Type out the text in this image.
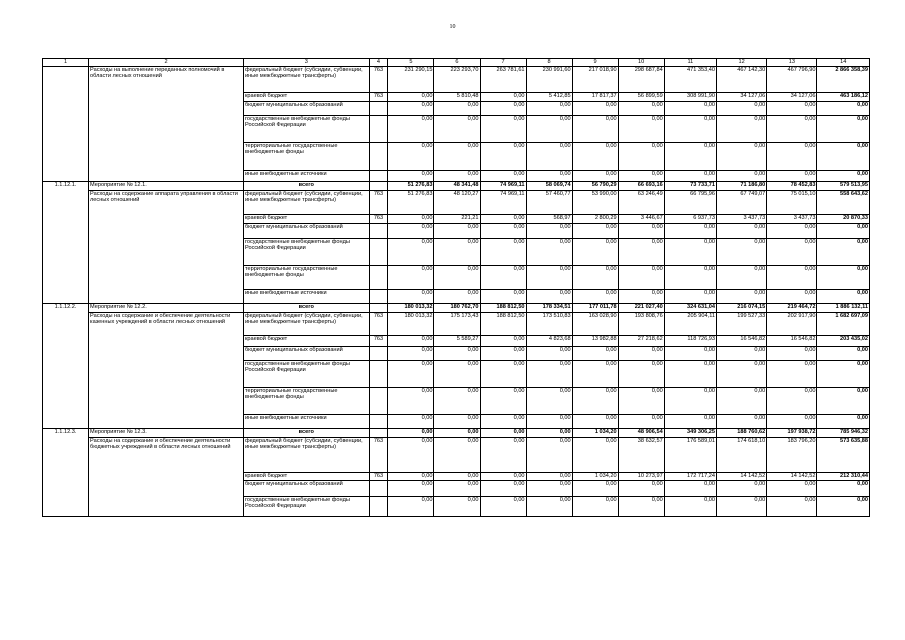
10
1	2	3	4	5	6	7	8	9	10	11	12	13	14
	Расходы на выполнение переданных полномочий в области лесных отношений	федеральный бюджет (субсидии, субвенции, иные межбюджетные трансферты)	763	231 290,15	223 293,70	263 781,61	230 991,60	217 018,90	298 687,84	471 353,40	467 142,30	467 796,90	2 866 358,39
		краевой бюджет	763	0,00	5 810,48	0,00	5 412,85	17 817,37	56 899,59	308 991,90	34 127,06	34 127,06	463 186,12
		бюджет муниципальных образований		0,00	0,00	0,00	0,00	0,00	0,00	0,00	0,00	0,00	0,00
		государственные внебюджетные фонды Российской Федерации		0,00	0,00	0,00	0,00	0,00	0,00	0,00	0,00	0,00	0,00
		территориальные государственные внебюджетные фонды		0,00	0,00	0,00	0,00	0,00	0,00	0,00	0,00	0,00	0,00
		иные внебюджетные источники		0,00	0,00	0,00	0,00	0,00	0,00	0,00	0,00	0,00	0,00
1.1.12.1.	Мероприятие № 12.1.	всего		51 276,83	48 341,48	74 969,11	58 069,74	56 790,29	66 693,16	73 733,71	71 186,80	78 452,83	579 513,95
	Расходы на содержание аппарата управления в области лесных отношений	федеральный бюджет (субсидии, субвенции, иные межбюджетные трансферты)	763	51 276,83	48 120,27	74 969,11	57 460,77	53 990,00	63 246,49	66 795,96	67 749,07	75 015,10	558 643,62
		краевой бюджет	763	0,00	221,21	0,00	568,97	2 800,29	3 446,67	6 937,73	3 437,73	3 437,73	20 870,33
		бюджет муниципальных образований		0,00	0,00	0,00	0,00	0,00	0,00	0,00	0,00	0,00	0,00
		государственные внебюджетные фонды Российской Федерации		0,00	0,00	0,00	0,00	0,00	0,00	0,00	0,00	0,00	0,00
		территориальные государственные внебюджетные фонды		0,00	0,00	0,00	0,00	0,00	0,00	0,00	0,00	0,00	0,00
		иные внебюджетные источники		0,00	0,00	0,00	0,00	0,00	0,00	0,00	0,00	0,00	0,00
1.1.12.2.	Мероприятие № 12.2.	всего		180 013,32	180 762,70	188 812,50	178 334,51	177 011,78	221 027,40	324 631,04	216 074,15	219 464,72	1 886 132,11
	Расходы на содержание и обеспечение деятельности казенных учреждений в области лесных отношений	федеральный бюджет (субсидии, субвенции, иные межбюджетные трансферты)	763	180 013,32	175 173,43	188 812,50	173 510,83	163 028,90	193 808,76	205 904,11	199 527,33	202 917,90	1 682 697,09
		краевой бюджет	763	0,00	5 589,27	0,00	4 823,68	13 982,88	27 218,62	118 726,93	16 546,82	16 546,82	203 435,02
		бюджет муниципальных образований		0,00	0,00	0,00	0,00	0,00	0,00	0,00	0,00	0,00	0,00
		государственные внебюджетные фонды Российской Федерации		0,00	0,00	0,00	0,00	0,00	0,00	0,00	0,00	0,00	0,00
		территориальные государственные внебюджетные фонды		0,00	0,00	0,00	0,00	0,00	0,00	0,00	0,00	0,00	0,00
		иные внебюджетные источники		0,00	0,00	0,00	0,00	0,00	0,00	0,00	0,00	0,00	0,00
1.1.12.3.	Мероприятие № 12.3.	всего		0,00	0,00	0,00	0,00	1 034,20	48 906,54	349 306,25	188 760,62	197 938,72	785 946,32
	Расходы на содержание и обеспечение деятельности бюджетных учреждений в области лесных отношений	федеральный бюджет (субсидии, субвенции, иные межбюджетные трансферты)	763	0,00	0,00	0,00	0,00	0,00	38 632,57	176 589,01	174 618,10	183 796,20	573 635,88
		краевой бюджет	763	0,00	0,00	0,00	0,00	1 034,20	10 273,97	172 717,24	14 142,52	14 142,52	212 310,44
		бюджет муниципальных образований		0,00	0,00	0,00	0,00	0,00	0,00	0,00	0,00	0,00	0,00
		государственные внебюджетные фонды Российской Федерации		0,00	0,00	0,00	0,00	0,00	0,00	0,00	0,00	0,00	0,00
